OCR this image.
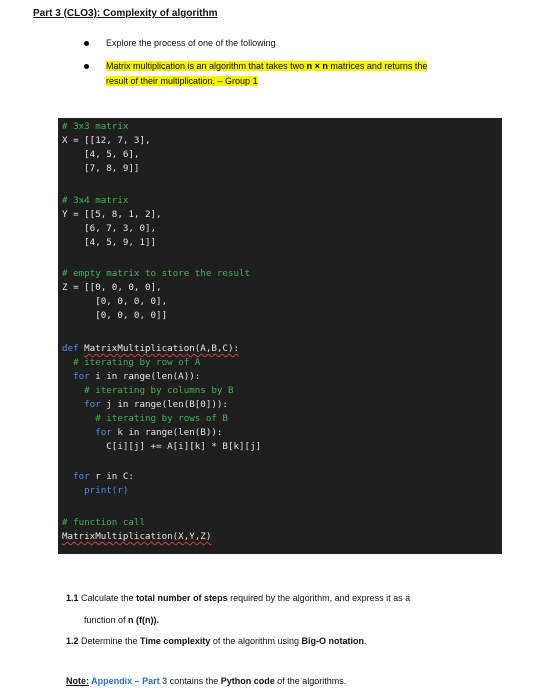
Part 3 (CLO3): Complexity of algorithm
Explore the process of one of the following
Matrix multiplication is an algorithm that takes two n × n matrices and returns the
result of their multiplication. – Group 1
# 3x3 matrix
X = [[12, 7, 3],
[4, 5, 6],
[7, 8, 9]]
# 3x4 matrix
Y = [[5, 8, 1, 2],
[6, 7, 3, 0],
[4, 5, 9, 1]]
# empty matrix to store the result
Z = [[0, 0, 0, 0],
[0, 0, 0, 0],
[0, 0, 0, 0]]
def MatrixMultiplication(A,B,C):
# iterating by row of A
for i in range(len(A)):
# iterating by columns by B
for j in range(len(B[0])):
# iterating by rows of B
for k in range(len(B)):
C[i][j] += A[i][k] * B[k][j]
for r in C:
print(r)
# function call
MatrixMultiplication(X,Y,Z)
1.1 Calculate the total number of steps required by the algorithm, and express it as a
function of n (f(n)).
1.2 Determine the Time complexity of the algorithm using Big-O notation.
Note: Appendix – Part 3 contains the Python code of the algorithms.
